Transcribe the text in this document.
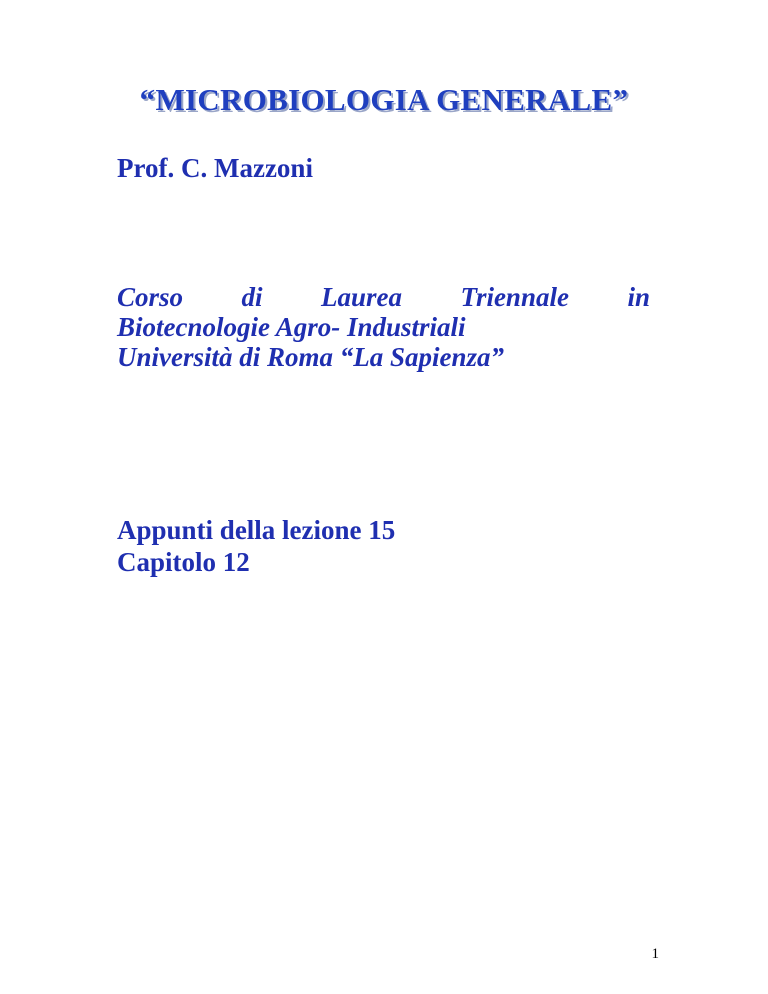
“MICROBIOLOGIA GENERALE”
Prof. C. Mazzoni
Corso di Laurea Triennale in
Biotecnologie Agro- Industriali
Università di Roma “La Sapienza”
Appunti della lezione 15
Capitolo 12
1
